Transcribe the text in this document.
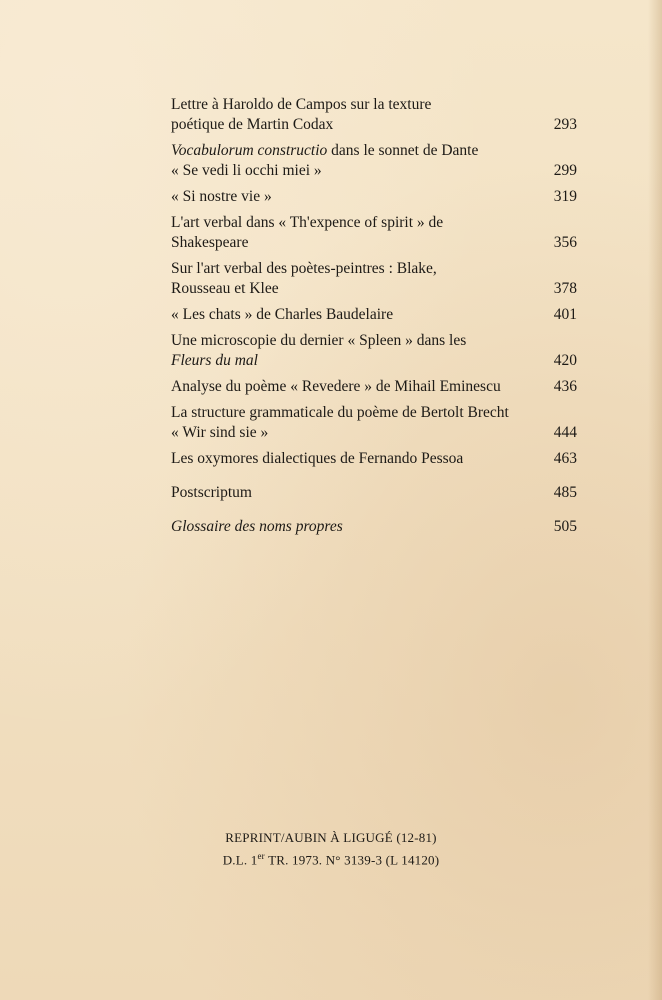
Lettre à Haroldo de Campos sur la texture
poétique de Martin Codax	293
Vocabulorum constructio dans le sonnet de Dante
« Se vedi li occhi miei »	299
« Si nostre vie »	319
L'art verbal dans « Th'expence of spirit » de
Shakespeare	356
Sur l'art verbal des poètes-peintres : Blake,
Rousseau et Klee	378
« Les chats » de Charles Baudelaire	401
Une microscopie du dernier « Spleen » dans les
Fleurs du mal	420
Analyse du poème « Revedere » de Mihail Eminescu	436
La structure grammaticale du poème de Bertolt Brecht
« Wir sind sie »	444
Les oxymores dialectiques de Fernando Pessoa	463
Postscriptum	485
Glossaire des noms propres	505
REPRINT/AUBIN À LIGUGÉ (12-81)
D.L. 1er TR. 1973. N° 3139-3 (L 14120)
